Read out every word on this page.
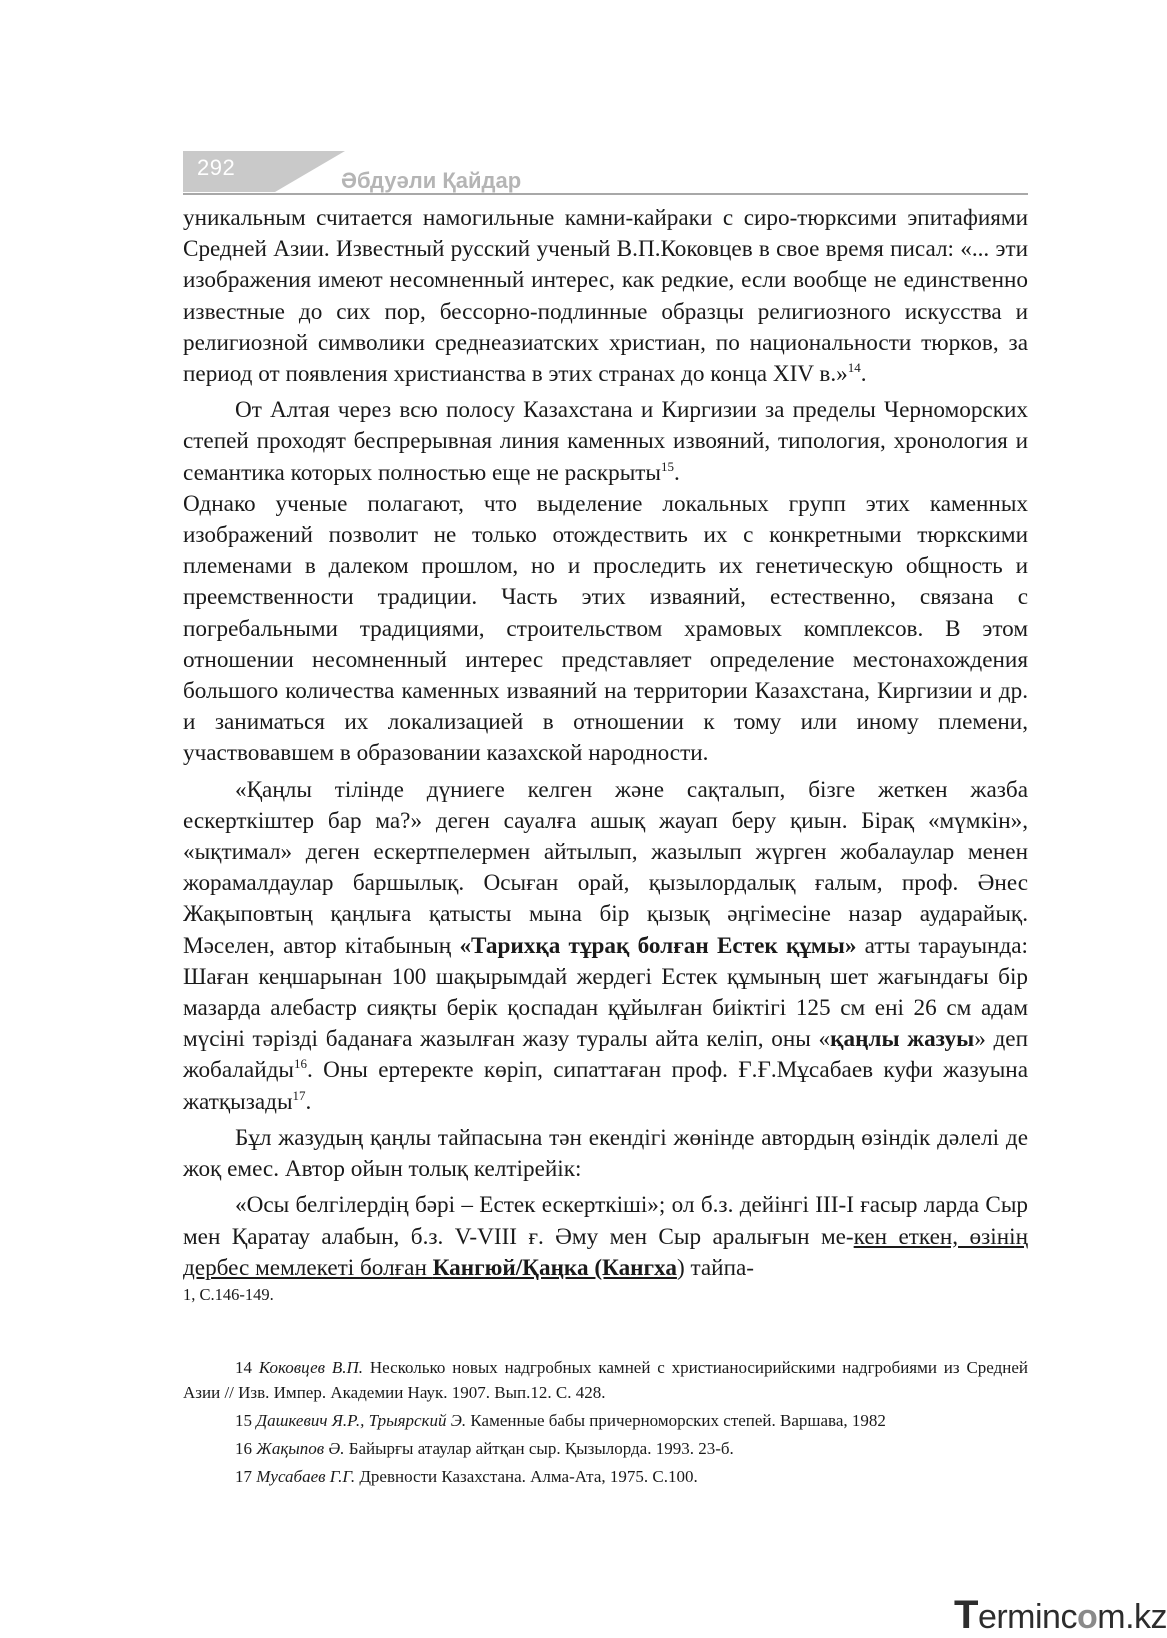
292
Әбдуәли Қайдар

уникальным считается намогильные камни-кайраки с сиро-тюрксими эпитафиями Средней Азии. Известный русский ученый В.П.Коковцев в свое время писал: «... эти изображения имеют несомненный интерес, как редкие, если вообще не единственно известные до сих пор, бессорно-подлинные образцы религиозного искусства и религиозной символики среднеазиатских христиан, по национальности тюрков, за период от появления христианства в этих странах до конца XIV в.»$^{14}$.

От Алтая через всю полосу Казахстана и Киргизии за пределы Черноморских степей проходят беспрерывная линия каменных извояний, типология, хронология и семантика которых полностью еще не раскрыты$^{15}$.

Однако ученые полагают, что выделение локальных групп этих каменных изображений позволит не только отождествить их с конкретными тюркскими племенами в далеком прошлом, но и проследить их генетическую общность и преемственности традиции. Часть этих изваяний, естественно, связана с погребальными традициями, строительством храмовых комплексов. В этом отношении несомненный интерес представляет определение местонахождения большого количества каменных изваяний на территории Казахстана, Киргизии и др. и заниматься их локализацией в отношении к тому или иному племени, участвовавшем в образовании казахской народности.

«Қаңлы тілінде дүниеге келген және сақталып, бізге жеткен жазба ескерткіштер бар ма?» деген сауалға ашық жауап беру қиын. Бірақ «мүмкін», «ықтимал» деген ескертпелермен айтылып, жазылып жүрген жобалаулар менен жорамалдаулар баршылық. Осыған орай, қызылордалық ғалым, проф. Әнес Жақыповтың қаңлыға қатысты мына бір қызық әңгімесіне назар аударайық. Мәселен, автор кітабының «Тарихқа тұрақ болған Естек құмы» атты тарауында: Шаған кеңшарынан 100 шақырымдай жердегі Естек құмының шет жағындағы бір мазарда алебастр сияқты берік қоспадан құйылған биіктігі 125 см ені 26 см адам мүсіні тәрізді баданаға жазылған жазу туралы айта келіп, оны «қаңлы жазуы» деп жобалайды$^{16}$. Оны ертеректе көріп, сипаттаған проф. Ғ.Ғ.Мұсабаев куфи жазуына жатқызады$^{17}$.

Бұл жазудың қаңлы тайпасына тән екендігі жөнінде автордың өзіндік дәлелі де жоқ емес. Автор ойын толық келтірейік:

«Осы белгілердің бәрі – Естек ескерткіші»; ол б.з. дейінгі III-I ғасыр ларда Сыр мен Қаратау алабын, б.з. V-VIII ғ. Әму мен Сыр аралығын ме-кен еткен, өзінің дербес мемлекеті болған Кангюй/Қаңка (Кангха) тайпа-

1, С.146-149.

14 Коковцев В.П. Несколько новых надгробных камней с христианосирийскими надгробиями из Средней Азии // Изв. Импер. Академии Наук. 1907. Вып.12. С. 428.

15 Дашкевич Я.Р., Трыярский Э. Каменные бабы причерноморских степей. Варшава, 1982

16 Жақыпов Ә. Байырғы атаулар айтқан сыр. Қызылорда. 1993. 23-б.

17 Мусабаев Г.Г. Древности Казахстана. Алма-Ата, 1975. С.100.

Termincom.kz
